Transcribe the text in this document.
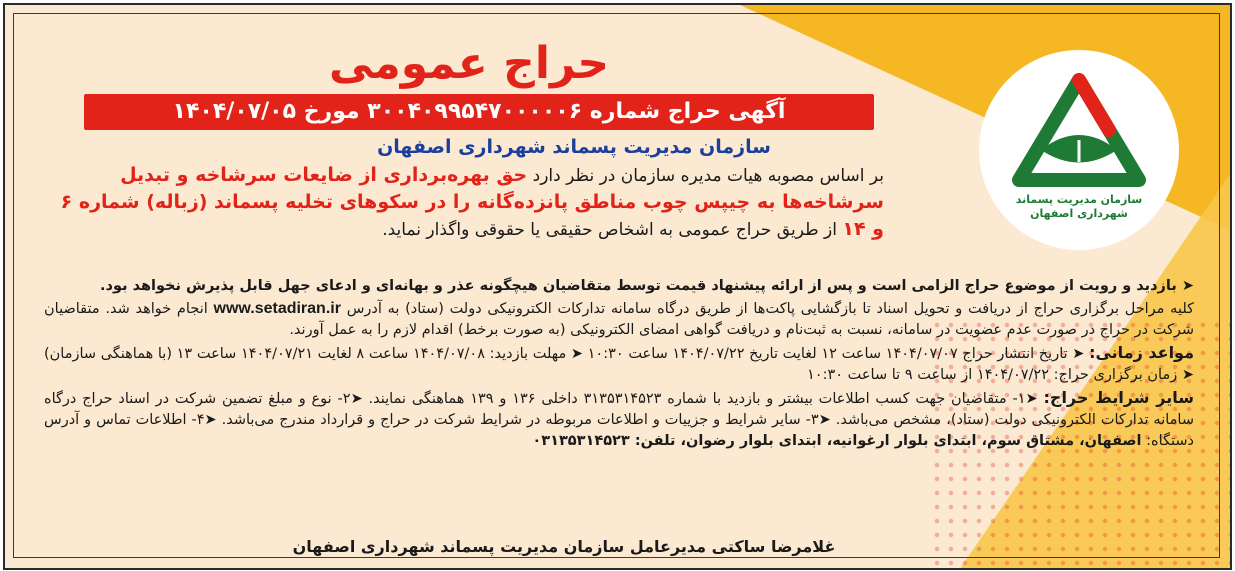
سازمان مدیریت پسماند
شهرداری اصفهان
حراج عمومی
آگهی حراج شماره ۳۰۰۴۰۹۹۵۴۷۰۰۰۰۰۶ مورخ ۱۴۰۴/۰۷/۰۵
سازمان مدیریت پسماند شهرداری اصفهان
بر اساس مصوبه هیات مدیره سازمان در نظر دارد حق بهره‌برداری از ضایعات سرشاخه و تبدیل سرشاخه‌ها به چیپس چوب مناطق پانزده‌گانه را در سکوهای تخلیه پسماند (زباله) شماره ۶ و ۱۴ از طریق حراج عمومی به اشخاص حقیقی یا حقوقی واگذار نماید.

➤ بازدید و رویت از موضوع حراج الزامی است و پس از ارائه پیشنهاد قیمت توسط متقاضیان هیچگونه عذر و بهانه‌ای و ادعای جهل قابل پذیرش نخواهد بود.

کلیه مراحل برگزاری حراج از دریافت و تحویل اسناد تا بازگشایی پاکت‌ها از طریق درگاه سامانه تدارکات الکترونیکی دولت (ستاد) به آدرس www.setadiran.ir انجام خواهد شد. متقاضیان شرکت در حراج در صورت عدم عضویت در سامانه، نسبت به ثبت‌نام و دریافت گواهی امضای الکترونیکی (به صورت برخط) اقدام لازم را به عمل آورند.

مواعد زمانی: ➤ تاریخ انتشار حراج ۱۴۰۴/۰۷/۰۷ ساعت ۱۲ لغایت تاریخ ۱۴۰۴/۰۷/۲۲ ساعت ۱۰:۳۰ ➤ مهلت بازدید: ۱۴۰۴/۰۷/۰۸ ساعت ۸ لغایت ۱۴۰۴/۰۷/۲۱ ساعت ۱۳ (با هماهنگی سازمان) ➤ زمان برگزاری حراج: ۱۴۰۴/۰۷/۲۲ از ساعت ۹ تا ساعت ۱۰:۳۰

سایر شرایط حراج: ➤۱- متقاضیان جهت کسب اطلاعات بیشتر و بازدید با شماره ۳۱۳۵۳۱۴۵۲۳ داخلی ۱۳۶ و ۱۳۹ هماهنگی نمایند. ➤۲- نوع و مبلغ تضمین شرکت در اسناد حراج درگاه سامانه تدارکات الکترونیکی دولت (ستاد)، مشخص می‌باشد. ➤۳- سایر شرایط و جزییات و اطلاعات مربوطه در شرایط شرکت در حراج و قرارداد مندرج می‌باشد. ➤۴- اطلاعات تماس و آدرس دستگاه: اصفهان، مشتاق سوم، ابتدای بلوار ارغوانیه، ابتدای بلوار رضوان، تلفن: ۰۳۱۳۵۳۱۴۵۲۳

غلامرضا ساکتی مدیرعامل سازمان مدیریت پسماند شهرداری اصفهان
